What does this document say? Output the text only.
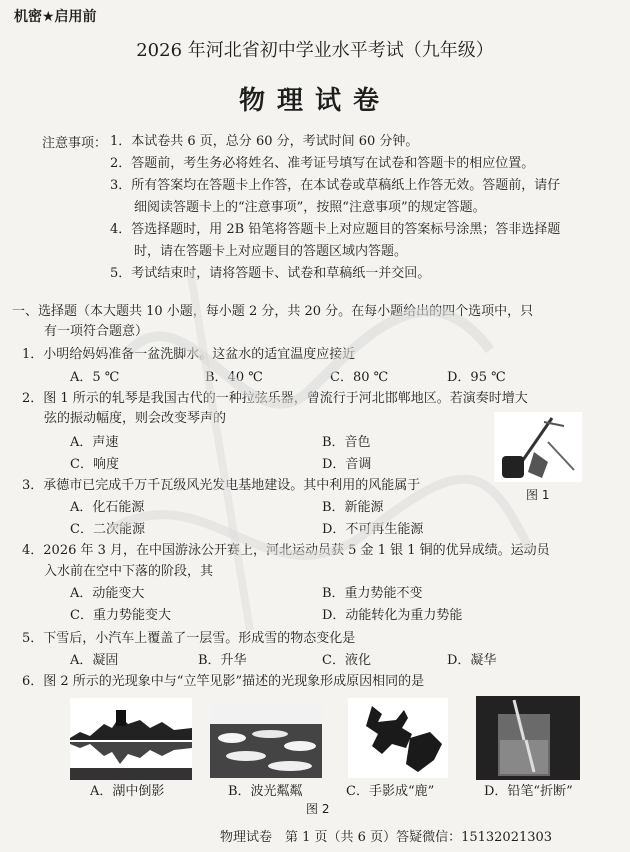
机密★启用前
2026 年河北省初中学业水平考试（九年级）
物理试卷
注意事项： 1．本试卷共 6 页，总分 60 分，考试时间 60 分钟。
2．答题前，考生务必将姓名、准考证号填写在试卷和答题卡的相应位置。
3．所有答案均在答题卡上作答，在本试卷或草稿纸上作答无效。答题前，请仔
细阅读答题卡上的“注意事项”，按照“注意事项”的规定答题。
4．答选择题时，用 2B 铅笔将答题卡上对应题目的答案标号涂黑；答非选择题
时，请在答题卡上对应题目的答题区域内答题。
5．考试结束时，请将答题卡、试卷和草稿纸一并交回。
一、选择题（本大题共 10 小题，每小题 2 分，共 20 分。在每小题给出的四个选项中，只
有一项符合题意）
1．小明给妈妈准备一盆洗脚水。这盆水的适宜温度应接近
A．5 ℃	B．40 ℃	C．80 ℃	D．95 ℃
2．图 1 所示的轧琴是我国古代的一种拉弦乐器，曾流行于河北邯郸地区。若演奏时增大
弦的振动幅度，则会改变琴声的
A．声速	B．音色
C．响度	D．音调
图 1
3．承德市已完成千万千瓦级风光发电基地建设。其中利用的风能属于
A．化石能源	B．新能源
C．二次能源	D．不可再生能源
4．2026 年 3 月，在中国游泳公开赛上，河北运动员获 5 金 1 银 1 铜的优异成绩。运动员
入水前在空中下落的阶段，其
A．动能变大	B．重力势能不变
C．重力势能变大	D．动能转化为重力势能
5．下雪后，小汽车上覆盖了一层雪。形成雪的物态变化是
A．凝固	B．升华	C．液化	D．凝华
6．图 2 所示的光现象中与“立竿见影”描述的光现象形成原因相同的是
A．湖中倒影	B．波光粼粼	C．手影成“鹿”	D．铅笔“折断”
图 2
物理试卷　第 1 页（共 6 页）答疑微信：15132021303
